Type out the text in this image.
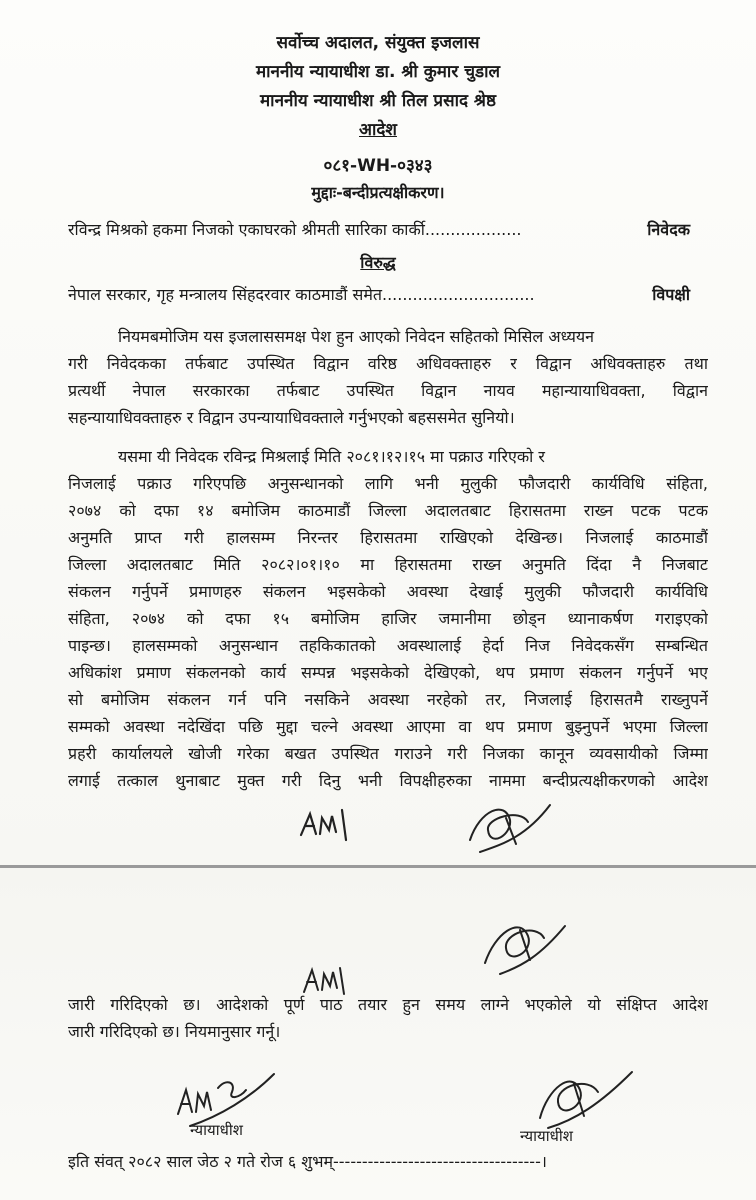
सर्वोच्च अदालत, संयुक्त इजलास
माननीय न्यायाधीश डा. श्री कुमार चुडाल
माननीय न्यायाधीश श्री तिल प्रसाद श्रेष्ठ
आदेश
०८१-WH-०३४३
मुद्दाः-बन्दीप्रत्यक्षीकरण।
रविन्द्र मिश्रको हकमा निजको एकाघरको श्रीमती सारिका कार्की...................	निवेदक
विरुद्ध
नेपाल सरकार, गृह मन्त्रालय सिंहदरवार काठमाडौं समेत..............................	विपक्षी
नियमबमोजिम यस इजलाससमक्ष पेश हुन आएको निवेदन सहितको मिसिल अध्ययन
गरी निवेदकका तर्फबाट उपस्थित विद्वान वरिष्ठ अधिवक्ताहरु र विद्वान अधिवक्ताहरु तथा
प्रत्यर्थी नेपाल सरकारका तर्फबाट उपस्थित विद्वान नायव महान्यायाधिवक्ता, विद्वान
सहन्यायाधिवक्ताहरु र विद्वान उपन्यायाधिवक्ताले गर्नुभएको बहससमेत सुनियो।
यसमा यी निवेदक रविन्द्र मिश्रलाई मिति २०८१।१२।१५ मा पक्राउ गरिएको र
निजलाई पक्राउ गरिएपछि अनुसन्धानको लागि भनी मुलुकी फौजदारी कार्यविधि संहिता,
२०७४ को दफा १४ बमोजिम काठमाडौं जिल्ला अदालतबाट हिरासतमा राख्न पटक पटक
अनुमति प्राप्त गरी हालसम्म निरन्तर हिरासतमा राखिएको देखिन्छ। निजलाई काठमाडौं
जिल्ला अदालतबाट मिति २०८२।०१।१० मा हिरासतमा राख्न अनुमति दिंदा नै निजबाट
संकलन गर्नुपर्ने प्रमाणहरु संकलन भइसकेको अवस्था देखाई मुलुकी फौजदारी कार्यविधि
संहिता, २०७४ को दफा १५ बमोजिम हाजिर जमानीमा छोड्न ध्यानाकर्षण गराइएको
पाइन्छ। हालसम्मको अनुसन्धान तहकिकातको अवस्थालाई हेर्दा निज निवेदकसँग सम्बन्धित
अधिकांश प्रमाण संकलनको कार्य सम्पन्न भइसकेको देखिएको, थप प्रमाण संकलन गर्नुपर्ने भए
सो बमोजिम संकलन गर्न पनि नसकिने अवस्था नरहेको तर, निजलाई हिरासतमै राख्नुपर्ने
सम्मको अवस्था नदेखिंदा पछि मुद्दा चल्ने अवस्था आएमा वा थप प्रमाण बुझ्नुपर्ने भएमा जिल्ला
प्रहरी कार्यालयले खोजी गरेका बखत उपस्थित गराउने गरी निजका कानून व्यवसायीको जिम्मा
लगाई तत्काल थुनाबाट मुक्त गरी दिनु भनी विपक्षीहरुका नाममा बन्दीप्रत्यक्षीकरणको आदेश
जारी गरिदिएको छ। आदेशको पूर्ण पाठ तयार हुन समय लाग्ने भएकोले यो संक्षिप्त आदेश
जारी गरिदिएको छ। नियमानुसार गर्नू।
न्यायाधीश	न्यायाधीश
इति संवत् २०८२ साल जेठ २ गते रोज ६ शुभम्------------------------------------।
